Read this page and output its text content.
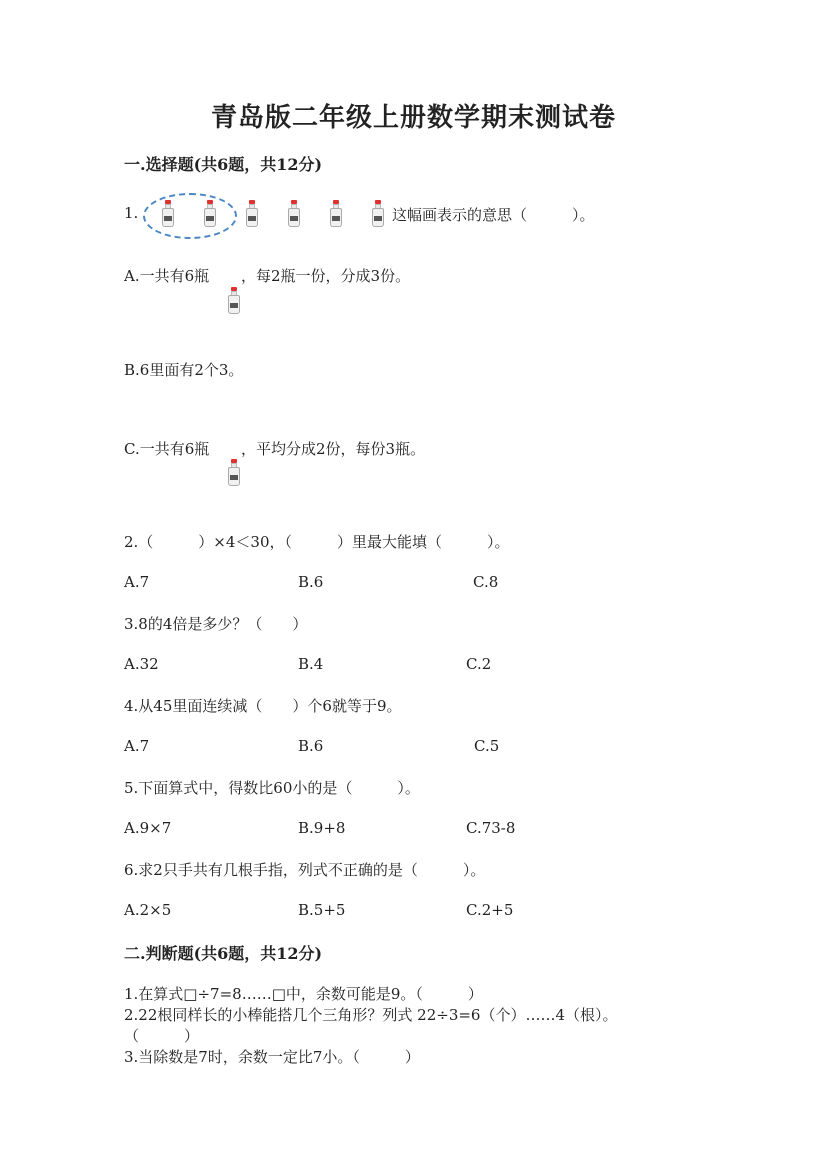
青岛版二年级上册数学期末测试卷
一.选择题(共6题，共12分)
1.	这幅画表示的意思（　　　）。
A.一共有6瓶 ，每2瓶一份，分成3份。
B.6里面有2个3。
C.一共有6瓶 ，平均分成2份，每份3瓶。
2.（　　　）×4＜30，（　　　）里最大能填（　　　）。
A.7	B.6	C.8
3.8的4倍是多少？（　　）
A.32	B.4	C.2
4.从45里面连续减（　　）个6就等于9。
A.7	B.6	C.5
5.下面算式中，得数比60小的是（　　　）。
A.9×7	B.9+8	C.73-8
6.求2只手共有几根手指，列式不正确的是（　　　）。
A.2×5	B.5+5	C.2+5
二.判断题(共6题，共12分)
1.在算式□÷7=8……□中，余数可能是9。（　　　）
2.22根同样长的小棒能搭几个三角形？列式 22÷3=6（个）……4（根）。
（　　　）
3.当除数是7时，余数一定比7小。（　　　）
